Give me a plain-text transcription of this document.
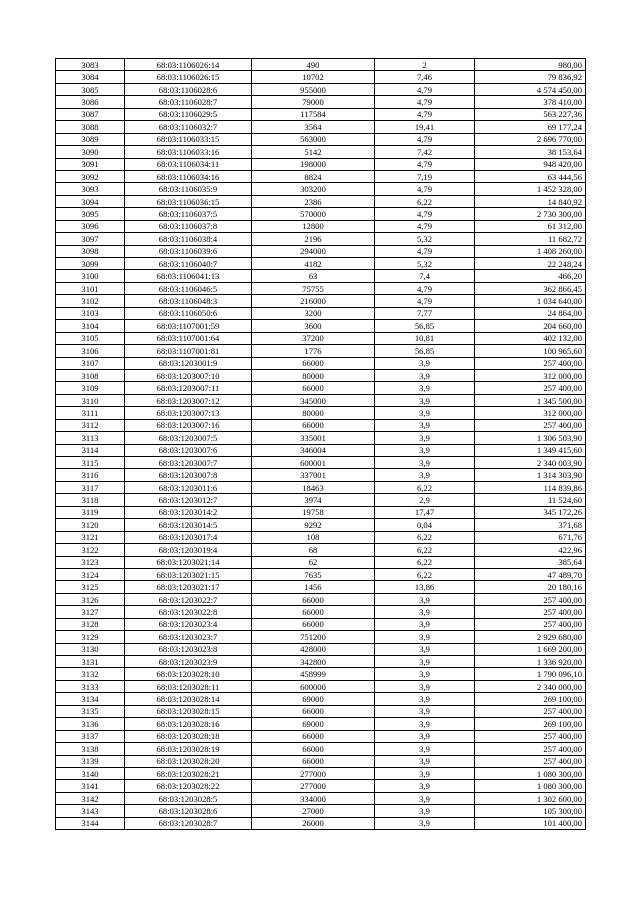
3083	68:03:1106026:14	490	2	980,00
3084	68:03:1106026:15	10702	7,46	79 836,92
3085	68:03:1106028:6	955000	4,79	4 574 450,00
3086	68:03:1106028:7	79000	4,79	378 410,00
3087	68:03:1106029:5	117584	4,79	563 227,36
3088	68:03:1106032:7	3564	19,41	69 177,24
3089	68:03:1106033:15	563000	4,79	2 696 770,00
3090	68:03:1106033:16	5142	7,42	38 153,64
3091	68:03:1106034:11	198000	4,79	948 420,00
3092	68:03:1106034:16	8824	7,19	63 444,56
3093	68:03:1106035:9	303200	4,79	1 452 328,00
3094	68:03:1106036:15	2386	6,22	14 840,92
3095	68:03:1106037:5	570000	4,79	2 730 300,00
3096	68:03:1106037:8	12800	4,79	61 312,00
3097	68:03:1106038:4	2196	5,32	11 682,72
3098	68:03:1106039:6	294000	4,79	1 408 260,00
3099	68:03:1106040:7	4182	5,32	22 248,24
3100	68:03:1106041:13	63	7,4	466,20
3101	68:03:1106046:5	75755	4,79	362 866,45
3102	68:03:1106048:3	216000	4,79	1 034 640,00
3103	68:03:1106050:6	3200	7,77	24 864,00
3104	68:03:1107001:59	3600	56,85	204 660,00
3105	68:03:1107001:64	37200	10,81	402 132,00
3106	68:03:1107001:81	1776	56,85	100 965,60
3107	68:03:1203001:9	66000	3,9	257 400,00
3108	68:03:1203007:10	80000	3,9	312 000,00
3109	68:03:1203007:11	66000	3,9	257 400,00
3110	68:03:1203007:12	345000	3,9	1 345 500,00
3111	68:03:1203007:13	80000	3,9	312 000,00
3112	68:03:1203007:16	66000	3,9	257 400,00
3113	68:03:1203007:5	335001	3,9	1 306 503,90
3114	68:03:1203007:6	346004	3,9	1 349 415,60
3115	68:03:1203007:7	600001	3,9	2 340 003,90
3116	68:03:1203007:8	337001	3,9	1 314 303,90
3117	68:03:1203011:6	18463	6,22	114 839,86
3118	68:03:1203012:7	3974	2,9	11 524,60
3119	68:03:1203014:2	19758	17,47	345 172,26
3120	68:03:1203014:5	9292	0,04	371,68
3121	68:03:1203017:4	108	6,22	671,76
3122	68:03:1203019:4	68	6,22	422,96
3123	68:03:1203021:14	62	6,22	385,64
3124	68:03:1203021:15	7635	6,22	47 489,70
3125	68:03:1203021:17	1456	13,86	20 180,16
3126	68:03:1203022:7	66000	3,9	257 400,00
3127	68:03:1203022:8	66000	3,9	257 400,00
3128	68:03:1203023:4	66000	3,9	257 400,00
3129	68:03:1203023:7	751200	3,9	2 929 680,00
3130	68:03:1203023:8	428000	3,9	1 669 200,00
3131	68:03:1203023:9	342800	3,9	1 336 920,00
3132	68:03:1203028:10	458999	3,9	1 790 096,10
3133	68:03:1203028:11	600000	3,9	2 340 000,00
3134	68:03:1203028:14	69000	3,9	269 100,00
3135	68:03:1203028:15	66000	3,9	257 400,00
3136	68:03:1203028:16	69000	3,9	269 100,00
3137	68:03:1203028:18	66000	3,9	257 400,00
3138	68:03:1203028:19	66000	3,9	257 400,00
3139	68:03:1203028:20	66000	3,9	257 400,00
3140	68:03:1203028:21	277000	3,9	1 080 300,00
3141	68:03:1203028:22	277000	3,9	1 080 300,00
3142	68:03:1203028:5	334000	3,9	1 302 600,00
3143	68:03:1203028:6	27000	3,9	105 300,00
3144	68:03:1203028:7	26000	3,9	101 400,00
